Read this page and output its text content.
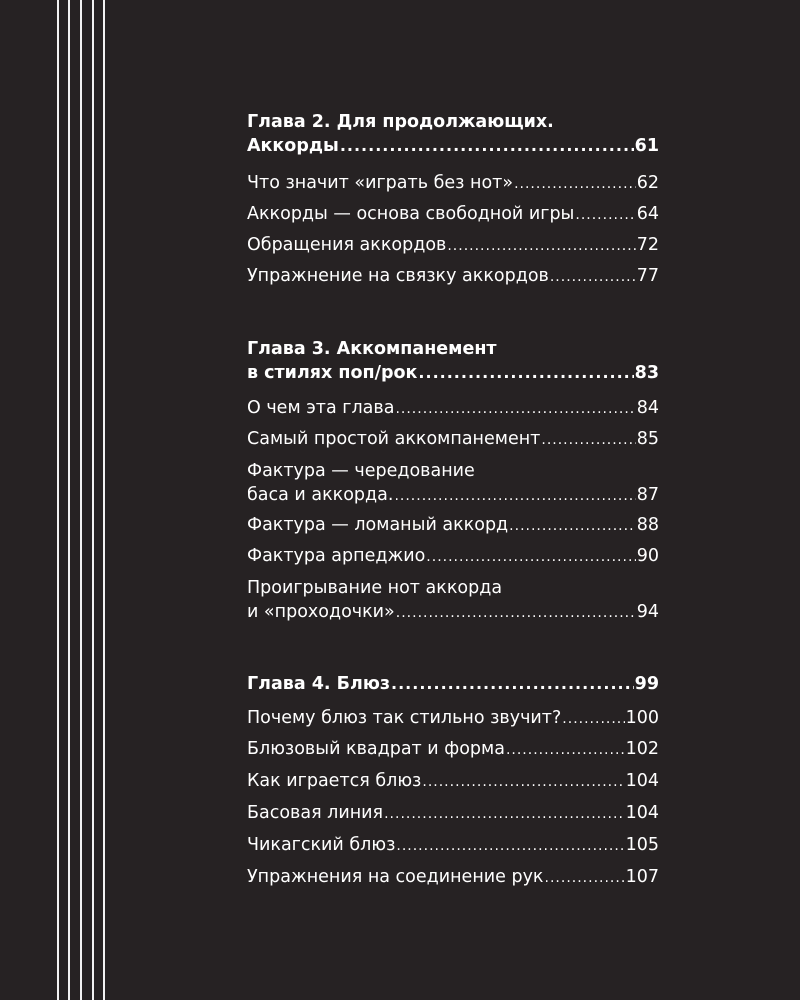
Глава 2. Для продолжающих.
Аккорды .....	61
Что значит «играть без нот» .....	62
Аккорды — основа свободной игры .....	64
Обращения аккордов .....	72
Упражнение на связку аккордов .....	77
Глава 3. Аккомпанемент
в стилях поп/рок .....	83
О чем эта глава .....	84
Самый простой аккомпанемент .....	85
Фактура — чередование
баса и аккорда. .....	87
Фактура — ломаный аккорд .....	88
Фактура арпеджио .....	90
Проигрывание нот аккорда
и «проходочки» .....	94
Глава 4. Блюз .....	99
Почему блюз так стильно звучит? .....	100
Блюзовый квадрат и форма .....	102
Как играется блюз .....	104
Басовая линия .....	104
Чикагский блюз .....	105
Упражнения на соединение рук .....	107
